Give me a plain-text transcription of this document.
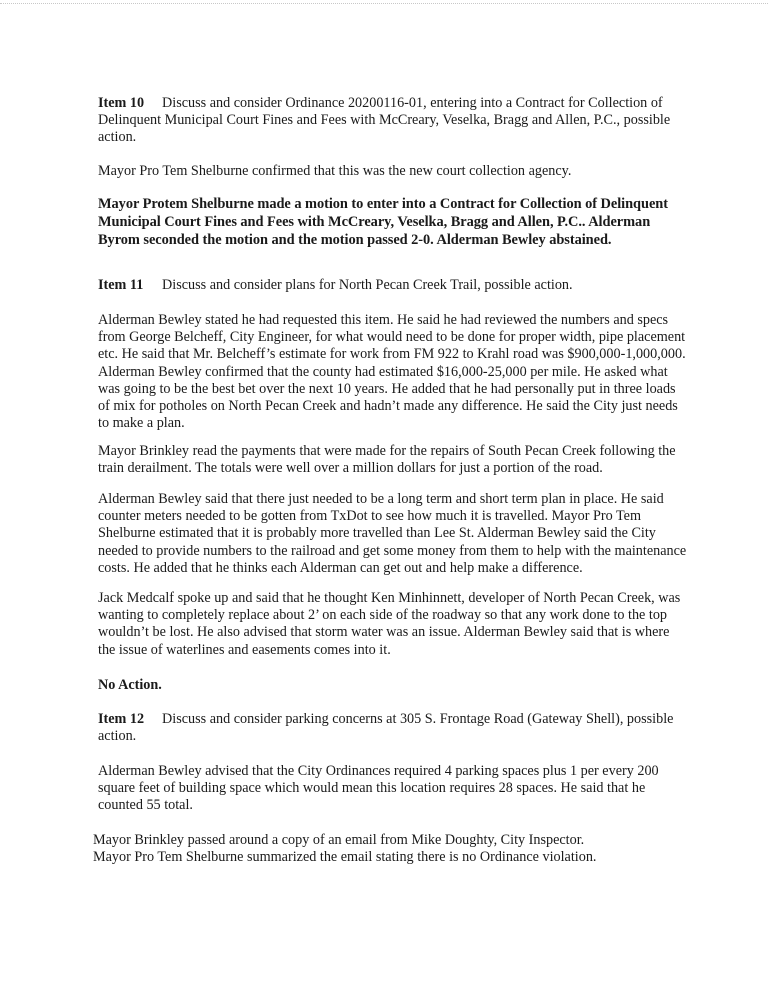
Item 10 Discuss and consider Ordinance 20200116-01, entering into a Contract for Collection of Delinquent Municipal Court Fines and Fees with McCreary, Veselka, Bragg and Allen, P.C., possible action.

Mayor Pro Tem Shelburne confirmed that this was the new court collection agency.

Mayor Protem Shelburne made a motion to enter into a Contract for Collection of Delinquent Municipal Court Fines and Fees with McCreary, Veselka, Bragg and Allen, P.C.. Alderman Byrom seconded the motion and the motion passed 2-0. Alderman Bewley abstained.

Item 11 Discuss and consider plans for North Pecan Creek Trail, possible action.

Alderman Bewley stated he had requested this item. He said he had reviewed the numbers and specs from George Belcheff, City Engineer, for what would need to be done for proper width, pipe placement etc. He said that Mr. Belcheff’s estimate for work from FM 922 to Krahl road was $900,000-1,000,000. Alderman Bewley confirmed that the county had estimated $16,000-25,000 per mile. He asked what was going to be the best bet over the next 10 years. He added that he had personally put in three loads of mix for potholes on North Pecan Creek and hadn’t made any difference. He said the City just needs to make a plan.

Mayor Brinkley read the payments that were made for the repairs of South Pecan Creek following the train derailment. The totals were well over a million dollars for just a portion of the road.

Alderman Bewley said that there just needed to be a long term and short term plan in place. He said counter meters needed to be gotten from TxDot to see how much it is travelled. Mayor Pro Tem Shelburne estimated that it is probably more travelled than Lee St. Alderman Bewley said the City needed to provide numbers to the railroad and get some money from them to help with the maintenance costs. He added that he thinks each Alderman can get out and help make a difference.

Jack Medcalf spoke up and said that he thought Ken Minhinnett, developer of North Pecan Creek, was wanting to completely replace about 2’ on each side of the roadway so that any work done to the top wouldn’t be lost. He also advised that storm water was an issue. Alderman Bewley said that is where the issue of waterlines and easements comes into it.

No Action.

Item 12 Discuss and consider parking concerns at 305 S. Frontage Road (Gateway Shell), possible action.

Alderman Bewley advised that the City Ordinances required 4 parking spaces plus 1 per every 200 square feet of building space which would mean this location requires 28 spaces. He said that he counted 55 total.

Mayor Brinkley passed around a copy of an email from Mike Doughty, City Inspector.

Mayor Pro Tem Shelburne summarized the email stating there is no Ordinance violation.
